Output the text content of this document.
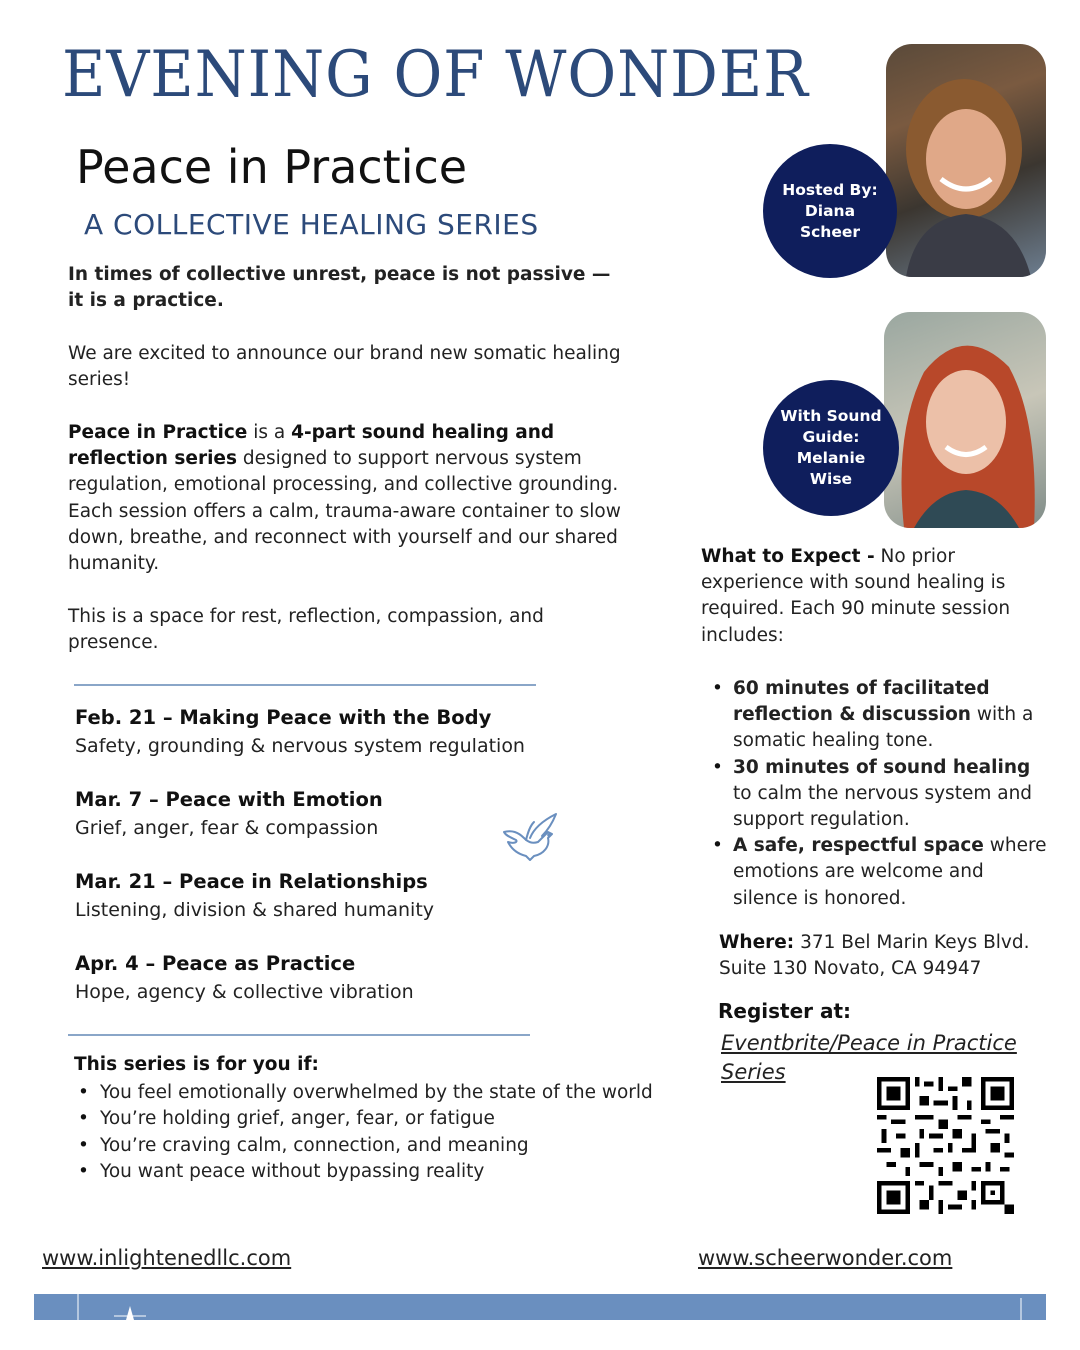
EVENING OF WONDER
Peace in Practice
A COLLECTIVE HEALING SERIES
In times of collective unrest, peace is not passive — it is a practice.
We are excited to announce our brand new somatic healing series!
Peace in Practice is a 4-part sound healing and reflection series designed to support nervous system regulation, emotional processing, and collective grounding. Each session offers a calm, trauma-aware container to slow down, breathe, and reconnect with yourself and our shared humanity.
This is a space for rest, reflection, compassion, and presence.
Feb. 21 – Making Peace with the Body
Safety, grounding & nervous system regulation
Mar. 7 – Peace with Emotion
Grief, anger, fear & compassion
Mar. 21 – Peace in Relationships
Listening, division & shared humanity
Apr. 4 – Peace as Practice
Hope, agency & collective vibration
This series is for you if:
• You feel emotionally overwhelmed by the state of the world
• You’re holding grief, anger, fear, or fatigue
• You’re craving calm, connection, and meaning
• You want peace without bypassing reality
Hosted By:
Diana
Scheer
With Sound
Guide:
Melanie
Wise
What to Expect - No prior experience with sound healing is required. Each 90 minute session includes:
• 60 minutes of facilitated reflection & discussion with a somatic healing tone.
• 30 minutes of sound healing to calm the nervous system and support regulation.
• A safe, respectful space where emotions are welcome and silence is honored.
Where: 371 Bel Marin Keys Blvd. Suite 130 Novato, CA 94947
Register at:
Eventbrite/Peace in Practice Series
www.inlightenedllc.com	www.scheerwonder.com
